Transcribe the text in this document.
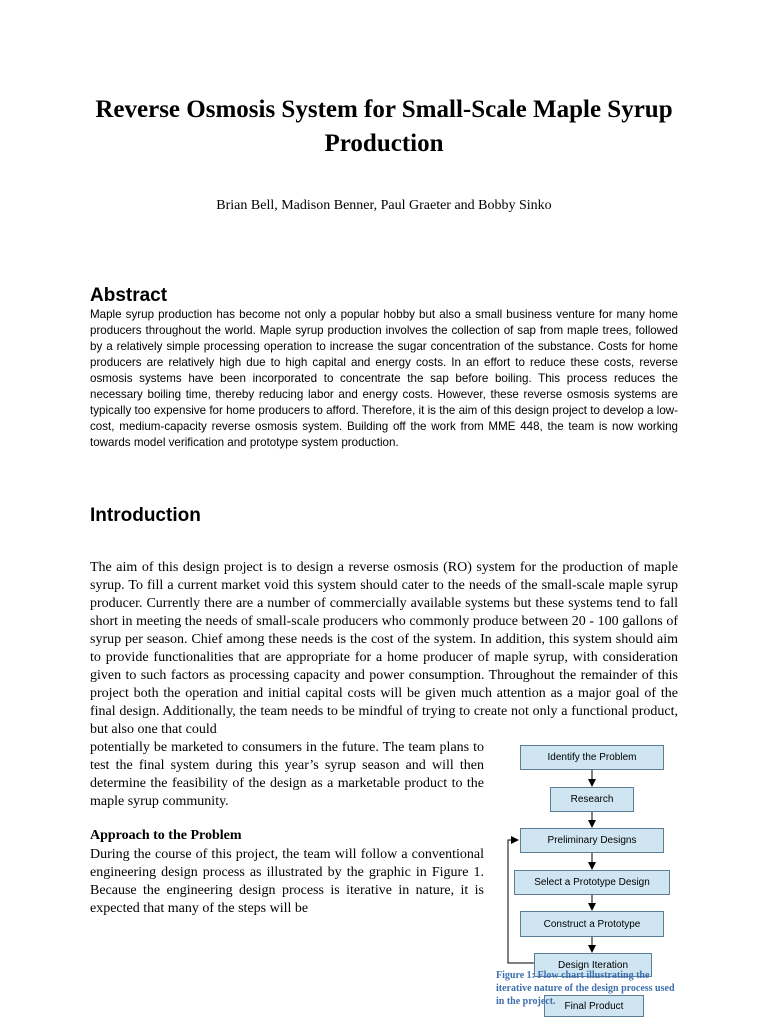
Reverse Osmosis System for Small-Scale Maple Syrup Production
Brian Bell, Madison Benner, Paul Graeter and Bobby Sinko
Abstract

Maple syrup production has become not only a popular hobby but also a small business venture for many home producers throughout the world. Maple syrup production involves the collection of sap from maple trees, followed by a relatively simple processing operation to increase the sugar concentration of the substance. Costs for home producers are relatively high due to high capital and energy costs. In an effort to reduce these costs, reverse osmosis systems have been incorporated to concentrate the sap before boiling. This process reduces the necessary boiling time, thereby reducing labor and energy costs. However, these reverse osmosis systems are typically too expensive for home producers to afford. Therefore, it is the aim of this design project to develop a low-cost, medium-capacity reverse osmosis system. Building off the work from MME 448, the team is now working towards model verification and prototype system production.

Introduction

The aim of this design project is to design a reverse osmosis (RO) system for the production of maple syrup. To fill a current market void this system should cater to the needs of the small-scale maple syrup producer. Currently there are a number of commercially available systems but these systems tend to fall short in meeting the needs of small-scale producers who commonly produce between 20 - 100 gallons of syrup per season. Chief among these needs is the cost of the system. In addition, this system should aim to provide functionalities that are appropriate for a home producer of maple syrup, with consideration given to such factors as processing capacity and power consumption. Throughout the remainder of this project both the operation and initial capital costs will be given much attention as a major goal of the final design. Additionally, the team needs to be mindful of trying to create not only a functional product, but also one that could

potentially be marketed to consumers in the future. The team plans to test the final system during this year’s syrup season and will then determine the feasibility of the design as a marketable product to the maple syrup community.

Approach to the Problem

During the course of this project, the team will follow a conventional engineering design process as illustrated by the graphic in Figure 1. Because the engineering design process is iterative in nature, it is expected that many of the steps will be

Identify the Problem
Research
Preliminary Designs
Select a Prototype Design
Construct a Prototype
Design Iteration
Final Product

Figure 1: Flow chart illustrating the iterative nature of the design process used in the project.
